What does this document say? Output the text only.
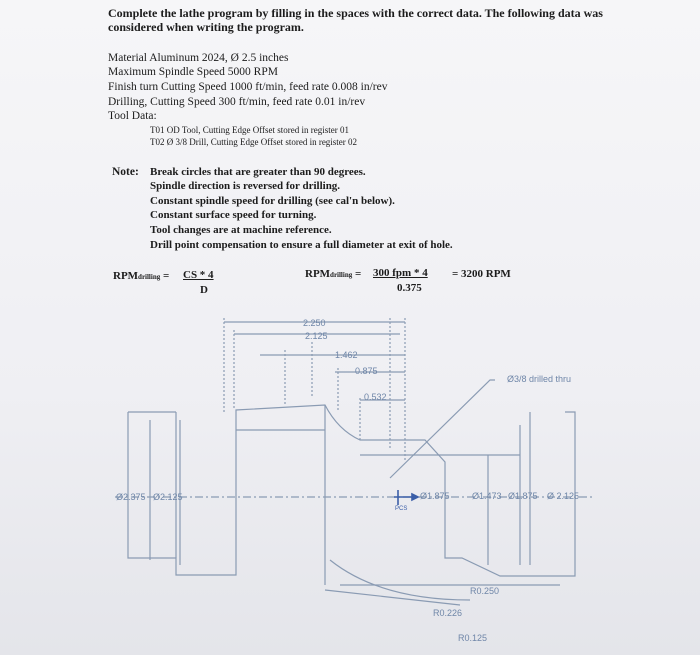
Complete the lathe program by filling in the spaces with the correct data. The following data was
considered when writing the program.
Material Aluminum 2024, Ø 2.5 inches
Maximum Spindle Speed 5000 RPM
Finish turn Cutting Speed 1000 ft/min, feed rate 0.008 in/rev
Drilling, Cutting Speed 300 ft/min, feed rate 0.01 in/rev
Tool Data:
T01 OD Tool, Cutting Edge Offset stored in register 01
T02 Ø 3/8 Drill, Cutting Edge Offset stored in register 02
Note: Break circles that are greater than 90 degrees.
Spindle direction is reversed for drilling.
Constant spindle speed for drilling (see cal'n below).
Constant surface speed for turning.
Tool changes are at machine reference.
Drill point compensation to ensure a full diameter at exit of hole.
RPMdrilling = CS * 4
D
RPMdrilling = 300 fpm * 4
0.375
= 3200 RPM
2.250
2.125
1.462
0.875
0.532
Ø3/8 drilled thru
Ø2.375 Ø2.125	Ø1.875 Ø1.473 Ø1.875 Ø 2.125
PCS
R0.250
R0.226
R0.125
